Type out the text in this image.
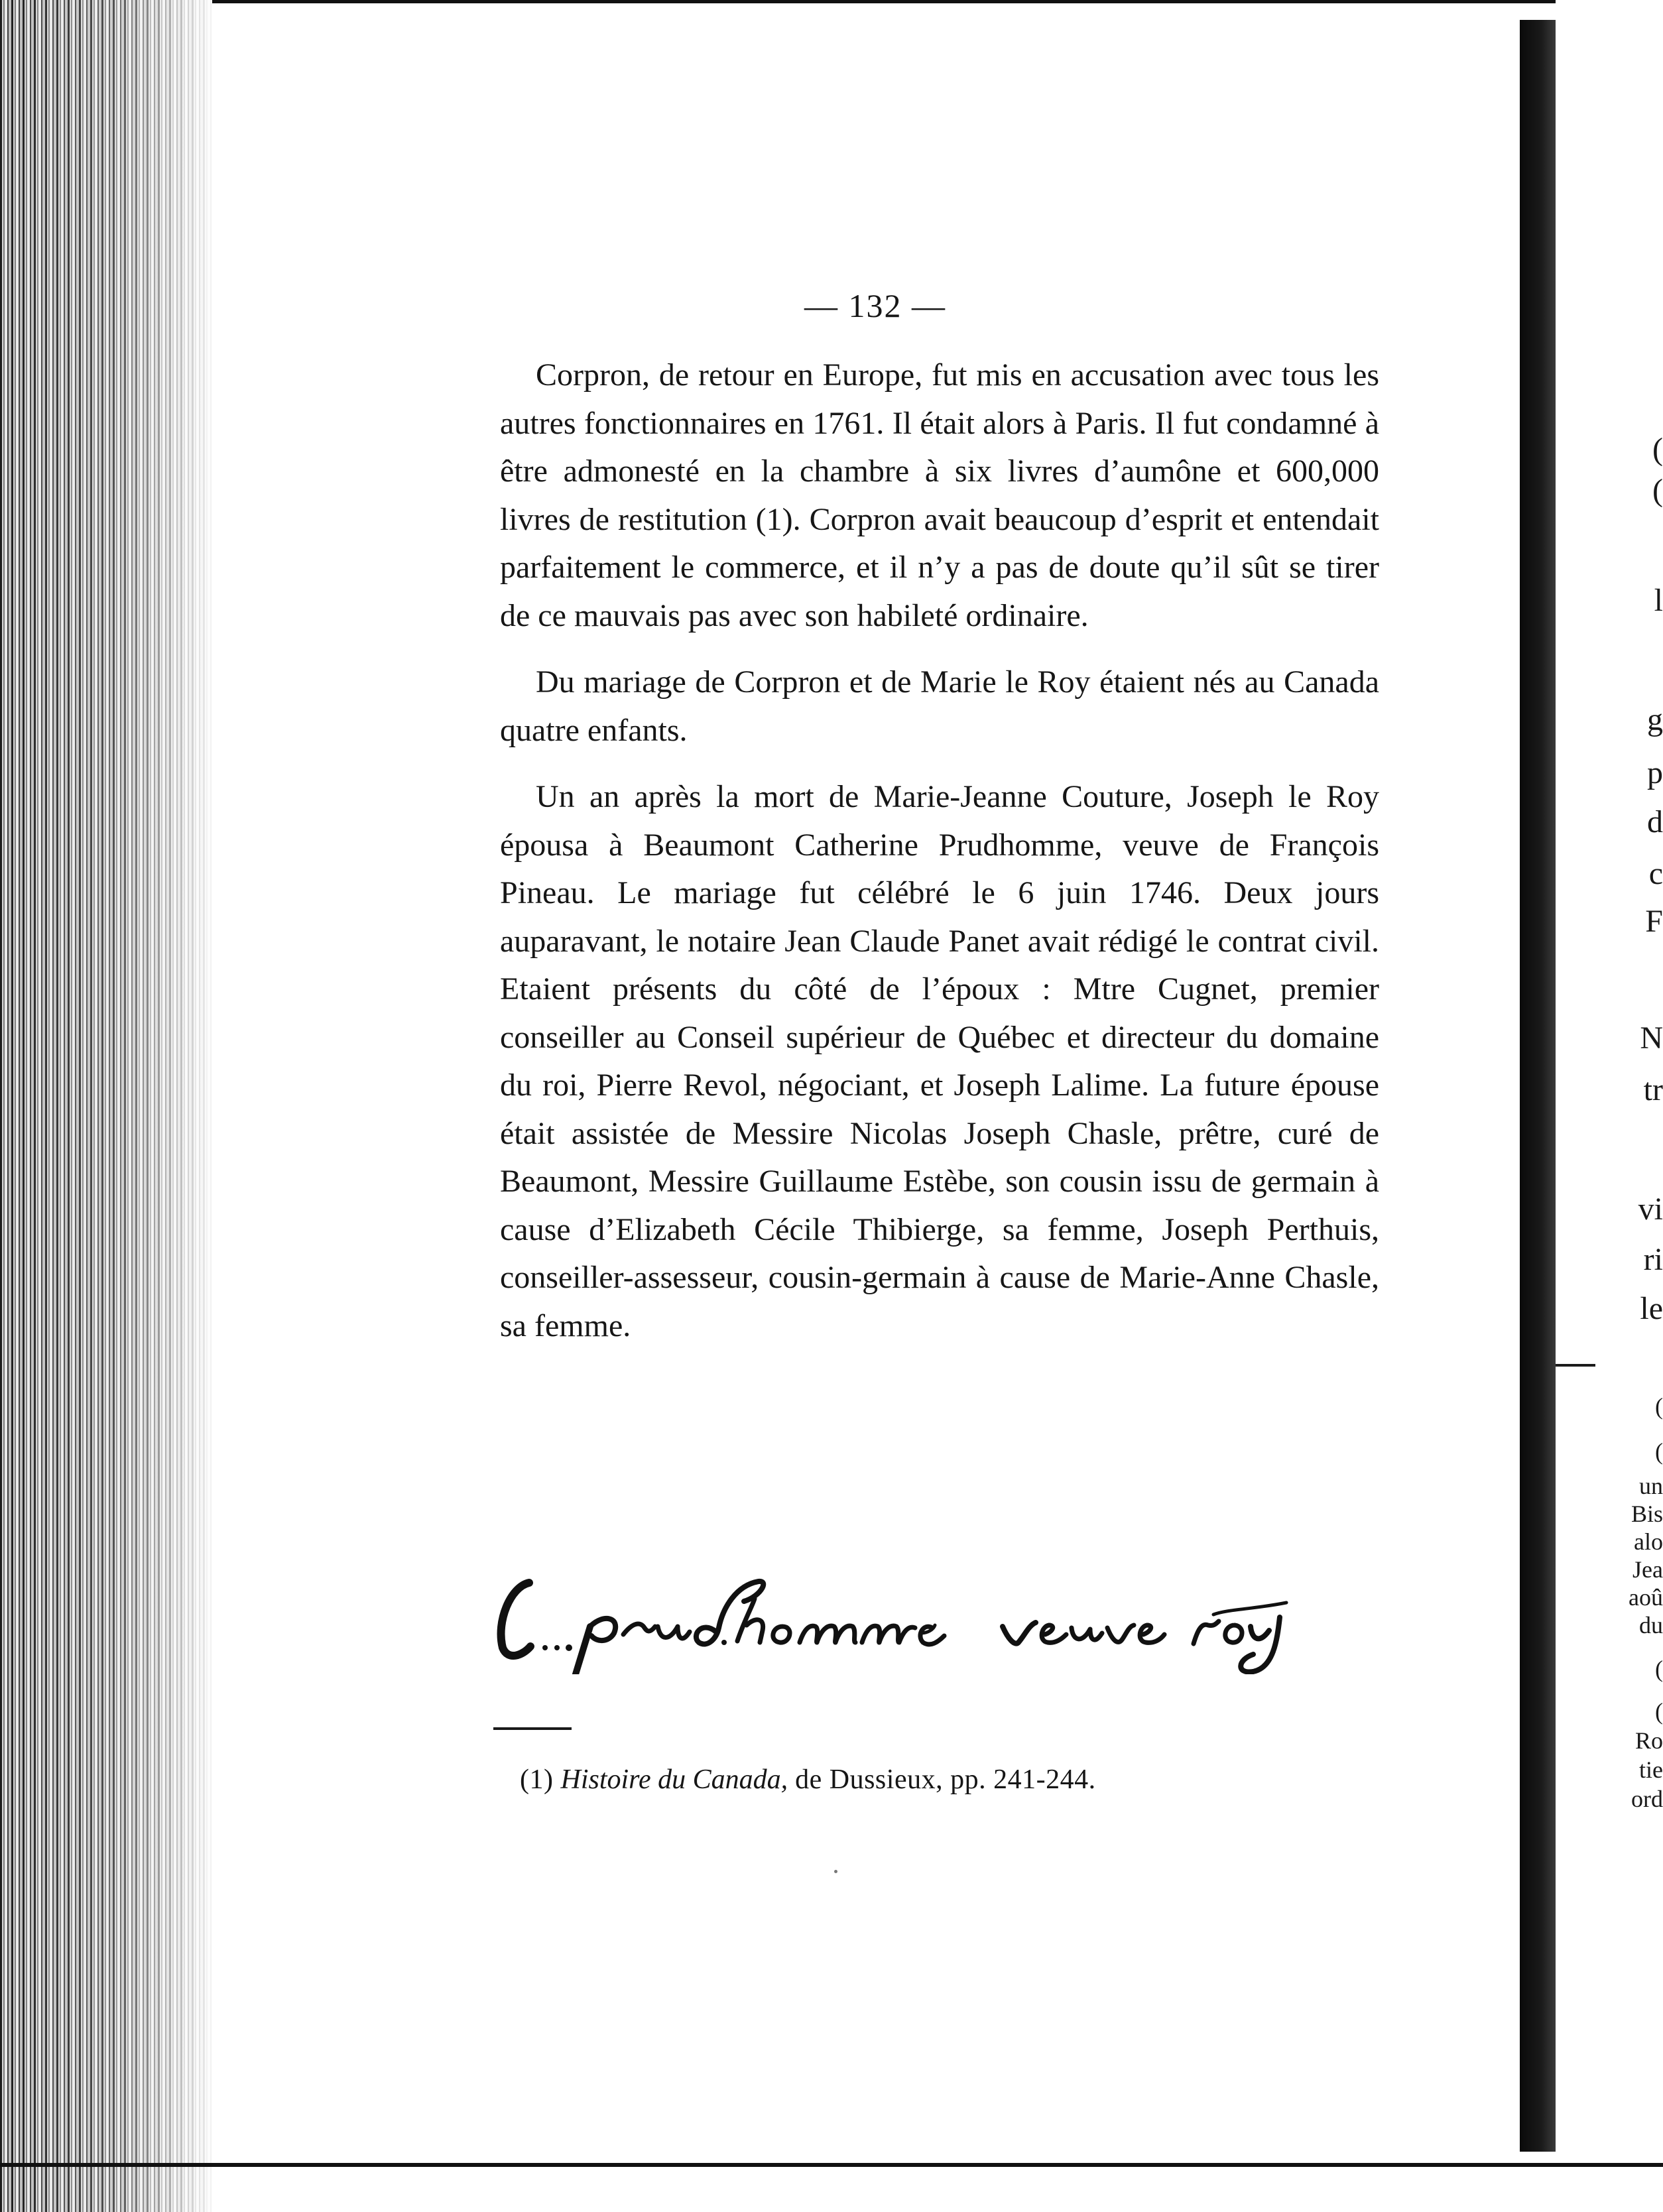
— 132 —

Corpron, de retour en Europe, fut mis en accusation avec tous les autres fonctionnaires en 1761. Il était alors à Paris. Il fut condamné à être admonesté en la chambre à six livres d’aumône et 600,000 livres de restitution (1). Corpron avait beaucoup d’esprit et entendait parfaitement le commerce, et il n’y a pas de doute qu’il sût se tirer de ce mauvais pas avec son habileté ordinaire.

Du mariage de Corpron et de Marie le Roy étaient nés au Canada quatre enfants.

Un an après la mort de Marie-Jeanne Couture, Joseph le Roy épousa à Beaumont Catherine Prudhomme, veuve de François Pineau. Le mariage fut célébré le 6 juin 1746. Deux jours auparavant, le notaire Jean Claude Panet avait rédigé le contrat civil. Etaient présents du côté de l’époux : Mtre Cugnet, premier conseiller au Conseil supérieur de Québec et directeur du domaine du roi, Pierre Revol, négociant, et Joseph Lalime. La future épouse était assistée de Messire Nicolas Joseph Chasle, prêtre, curé de Beaumont, Messire Guillaume Estèbe, son cousin issu de germain à cause d’Elizabeth Cécile Thibierge, sa femme, Joseph Perthuis, conseiller-assesseur, cousin-germain à cause de Marie-Anne Chasle, sa femme.

(1) Histoire du Canada, de Dussieux, pp. 241-244.
(
(
l
g
p
d
c
F
N
tr
vi
ri
le
(
(
un
Bis
alo
Jea
aoû
du
(
(
Ro
tie
ord
